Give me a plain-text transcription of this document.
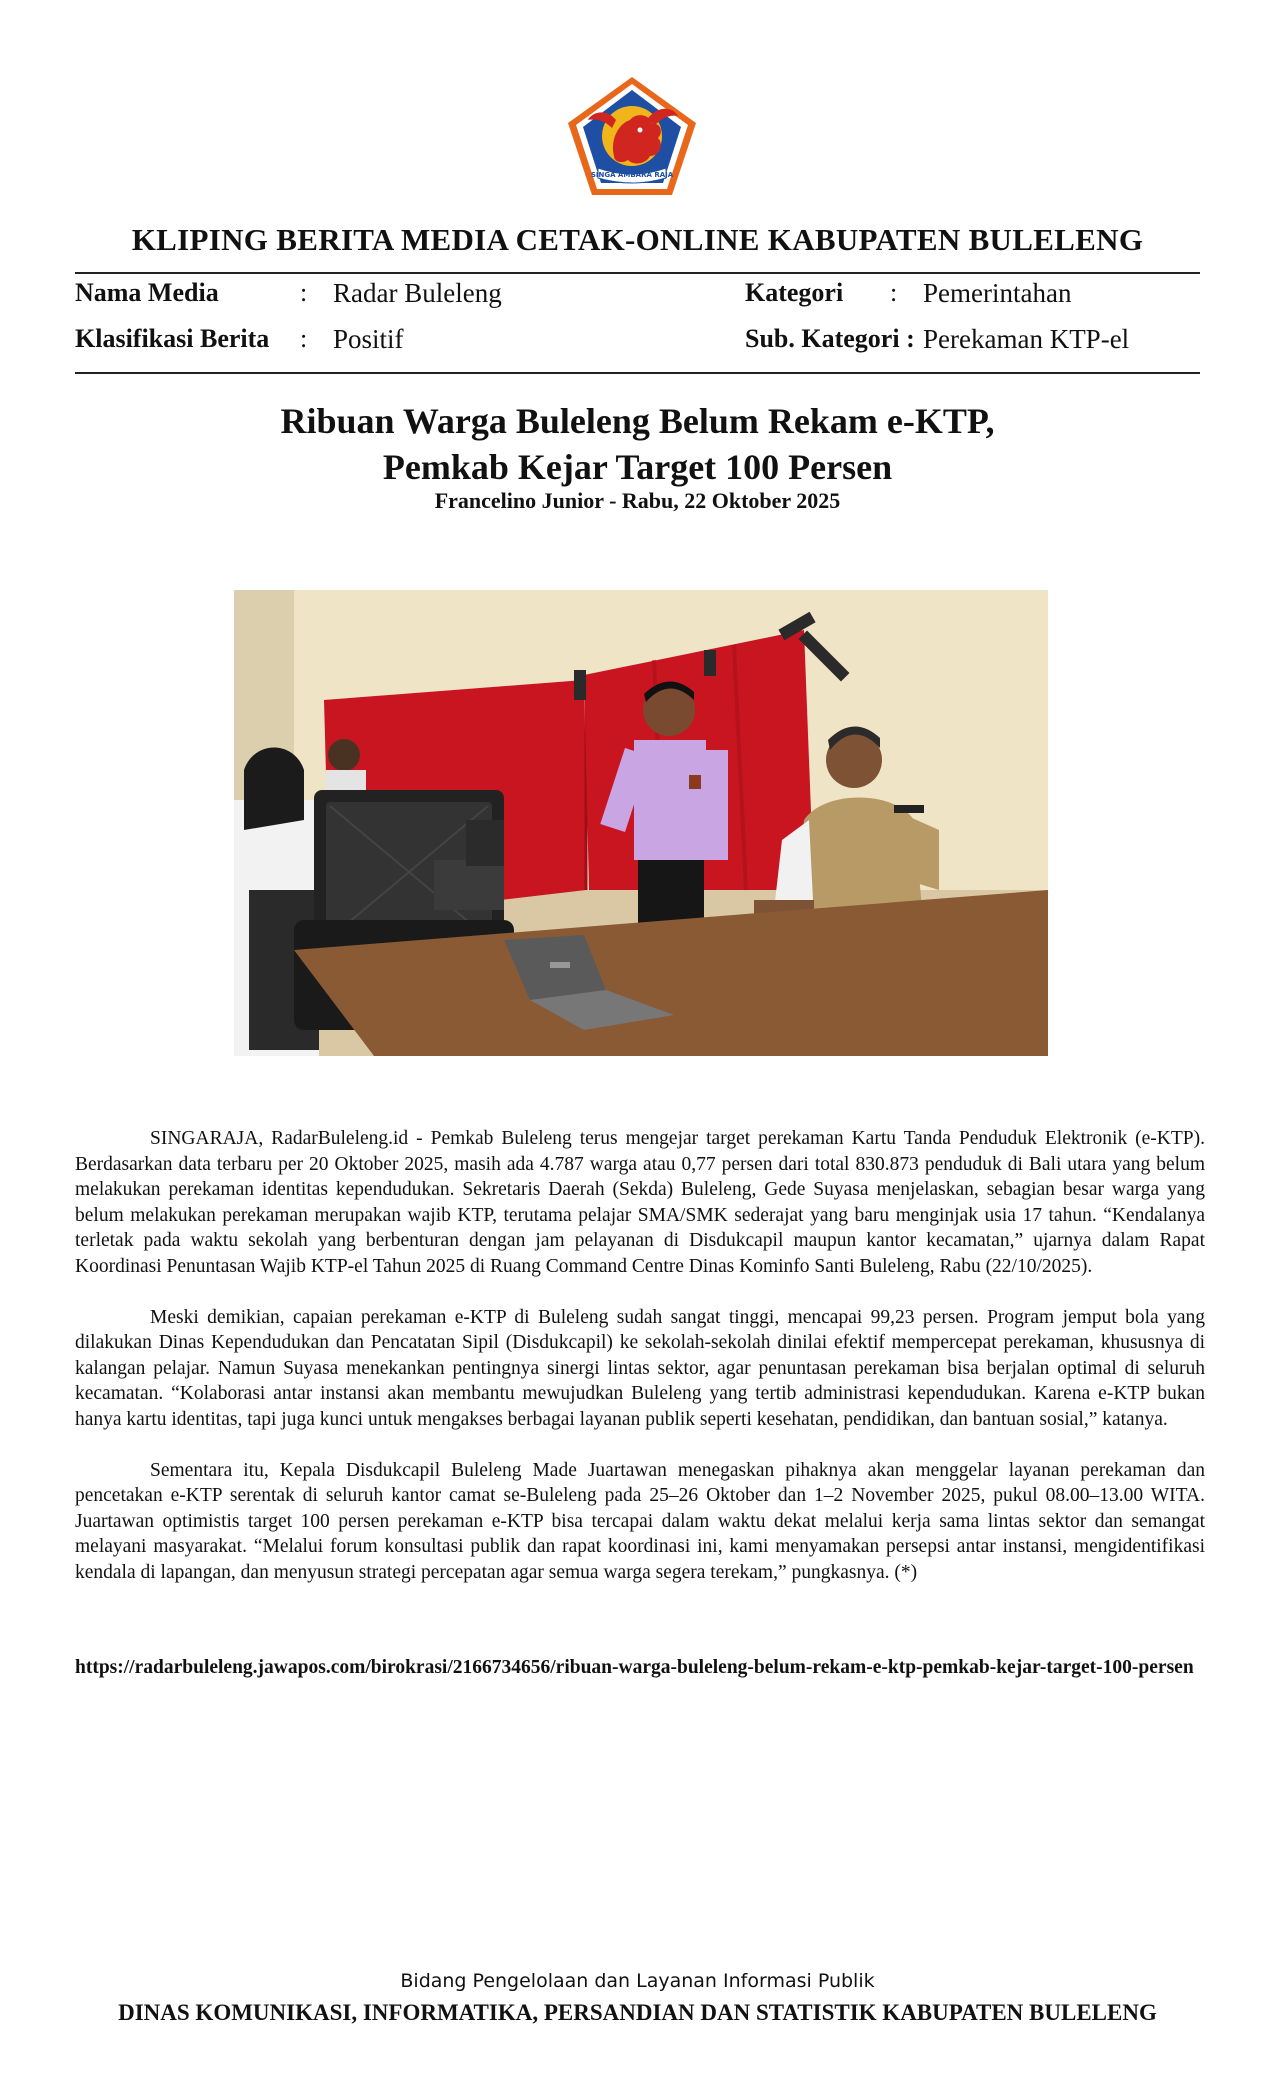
SINGA AMBARA RAJA
KLIPING BERITA MEDIA CETAK-ONLINE KABUPATEN BULELENG
Nama Media	: Radar Buleleng	Kategori : Pemerintahan
Klasifikasi Berita : Positif	Sub. Kategori : Perekaman KTP-el
Ribuan Warga Buleleng Belum Rekam e-KTP,
Pemkab Kejar Target 100 Persen
Francelino Junior - Rabu, 22 Oktober 2025

SINGARAJA, RadarBuleleng.id - Pemkab Buleleng terus mengejar target perekaman Kartu Tanda Penduduk Elektronik (e-KTP). Berdasarkan data terbaru per 20 Oktober 2025, masih ada 4.787 warga atau 0,77 persen dari total 830.873 penduduk di Bali utara yang belum melakukan perekaman identitas kependudukan. Sekretaris Daerah (Sekda) Buleleng, Gede Suyasa menjelaskan, sebagian besar warga yang belum melakukan perekaman merupakan wajib KTP, terutama pelajar SMA/SMK sederajat yang baru menginjak usia 17 tahun. “Kendalanya terletak pada waktu sekolah yang berbenturan dengan jam pelayanan di Disdukcapil maupun kantor kecamatan,” ujarnya dalam Rapat Koordinasi Penuntasan Wajib KTP-el Tahun 2025 di Ruang Command Centre Dinas Kominfo Santi Buleleng, Rabu (22/10/2025).

Meski demikian, capaian perekaman e-KTP di Buleleng sudah sangat tinggi, mencapai 99,23 persen. Program jemput bola yang dilakukan Dinas Kependudukan dan Pencatatan Sipil (Disdukcapil) ke sekolah-sekolah dinilai efektif mempercepat perekaman, khususnya di kalangan pelajar. Namun Suyasa menekankan pentingnya sinergi lintas sektor, agar penuntasan perekaman bisa berjalan optimal di seluruh kecamatan. “Kolaborasi antar instansi akan membantu mewujudkan Buleleng yang tertib administrasi kependudukan. Karena e-KTP bukan hanya kartu identitas, tapi juga kunci untuk mengakses berbagai layanan publik seperti kesehatan, pendidikan, dan bantuan sosial,” katanya.

Sementara itu, Kepala Disdukcapil Buleleng Made Juartawan menegaskan pihaknya akan menggelar layanan perekaman dan pencetakan e-KTP serentak di seluruh kantor camat se-Buleleng pada 25–26 Oktober dan 1–2 November 2025, pukul 08.00–13.00 WITA. Juartawan optimistis target 100 persen perekaman e-KTP bisa tercapai dalam waktu dekat melalui kerja sama lintas sektor dan semangat melayani masyarakat. “Melalui forum konsultasi publik dan rapat koordinasi ini, kami menyamakan persepsi antar instansi, mengidentifikasi kendala di lapangan, dan menyusun strategi percepatan agar semua warga segera terekam,” pungkasnya. (*)

https://radarbuleleng.jawapos.com/birokrasi/2166734656/ribuan-warga-buleleng-belum-rekam-e-ktp-pemkab-kejar-target-100-persen
Bidang Pengelolaan dan Layanan Informasi Publik
DINAS KOMUNIKASI, INFORMATIKA, PERSANDIAN DAN STATISTIK KABUPATEN BULELENG
